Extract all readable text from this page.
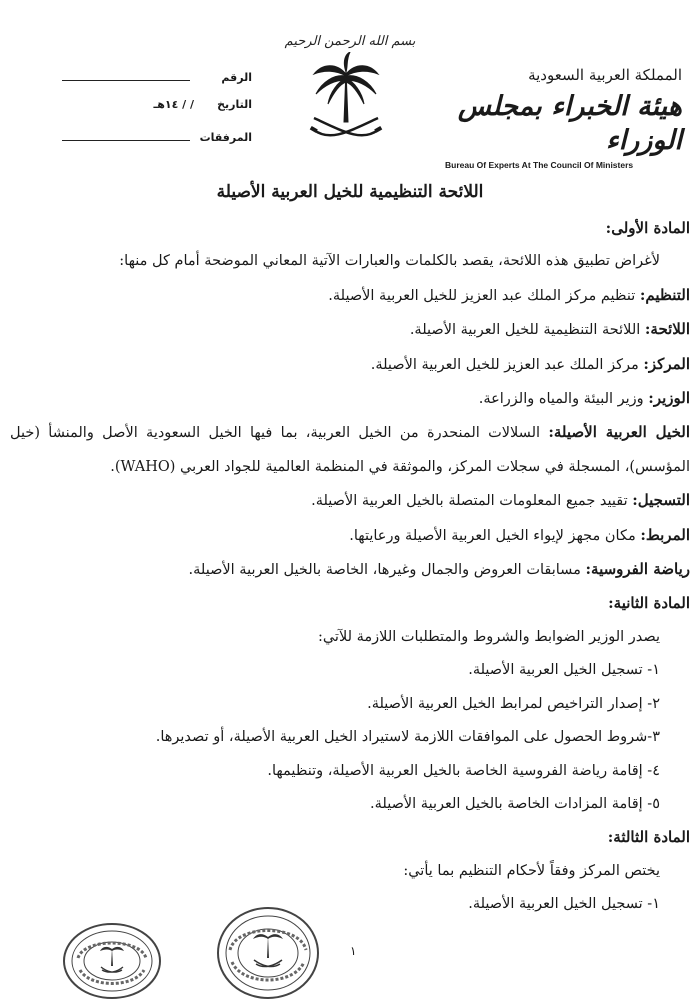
بسم الله الرحمن الرحيم
المملكة العربية السعودية
هيئة الخبراء بمجلس الوزراء
Bureau Of Experts At The Council Of Ministers
الرقم
التاريخ
/ / ١٤هـ
المرفقات
اللائحة التنظيمية للخيل العربية الأصيلة

المادة الأولى:

لأغراض تطبيق هذه اللائحة، يقصد بالكلمات والعبارات الآتية المعاني الموضحة أمام كل منها:

التنظيم: تنظيم مركز الملك عبد العزيز للخيل العربية الأصيلة.

اللائحة: اللائحة التنظيمية للخيل العربية الأصيلة.

المركز: مركز الملك عبد العزيز للخيل العربية الأصيلة.

الوزير: وزير البيئة والمياه والزراعة.

الخيل العربية الأصيلة: السلالات المنحدرة من الخيل العربية، بما فيها الخيل السعودية الأصل والمنشأ (خيل المؤسس)، المسجلة في سجلات المركز، والموثقة في المنظمة العالمية للجواد العربي (WAHO).

التسجيل: تقييد جميع المعلومات المتصلة بالخيل العربية الأصيلة.

المربط: مكان مجهز لإيواء الخيل العربية الأصيلة ورعايتها.

رياضة الفروسية: مسابقات العروض والجمال وغيرها، الخاصة بالخيل العربية الأصيلة.

المادة الثانية:

يصدر الوزير الضوابط والشروط والمتطلبات اللازمة للآتي:

١- تسجيل الخيل العربية الأصيلة.

٢- إصدار التراخيص لمرابط الخيل العربية الأصيلة.

٣-شروط الحصول على الموافقات اللازمة لاستيراد الخيل العربية الأصيلة، أو تصديرها.

٤- إقامة رياضة الفروسية الخاصة بالخيل العربية الأصيلة، وتنظيمها.

٥- إقامة المزادات الخاصة بالخيل العربية الأصيلة.

المادة الثالثة:

يختص المركز وفقاً لأحكام التنظيم بما يأتي:

١- تسجيل الخيل العربية الأصيلة.

١
